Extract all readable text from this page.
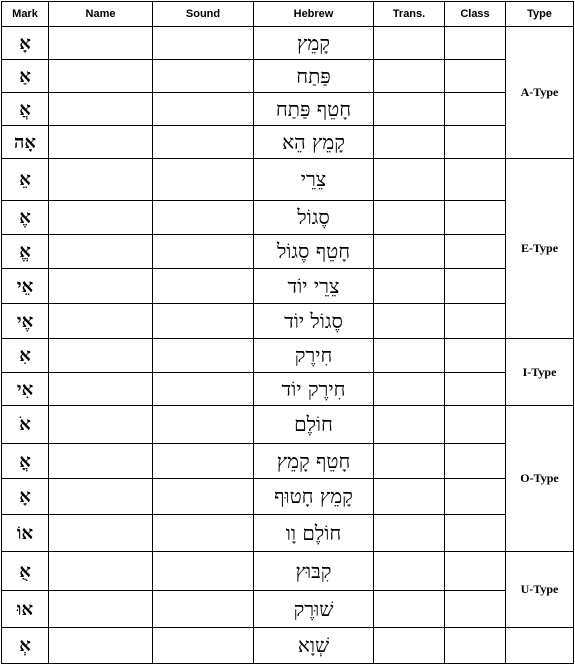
Mark	Name	Sound	Hebrew	Trans.	Class	Type
אָ			קָמֵץ			A-Type
אַ			פַּתַח			
אֲ			חָטֵף פַּתַח			
אָה			קָמֵץ הֵא			
אֵ			צֵרֵי			E-Type
אֶ			סֶגוֹל			
אֱ			חָטֵף סֶגוֹל			
אֵי			צֵרֵי יוֹד			
אֶי			סֶגוֹל יוֹד			
אִ			חִירֶק			I-Type
אִי			חִירֶק יוֹד			
אֹ			חוֹלֶם			O-Type
אֳ			חָטֵף קָמֵץ			
אָ			קָמֵץ חָטוּף			
אוֹ			חוֹלֶם וָו			
אֻ			קִבּוּץ			U-Type
אוּ			שׁוּרֶק			
אְ			שְׁוָא			
